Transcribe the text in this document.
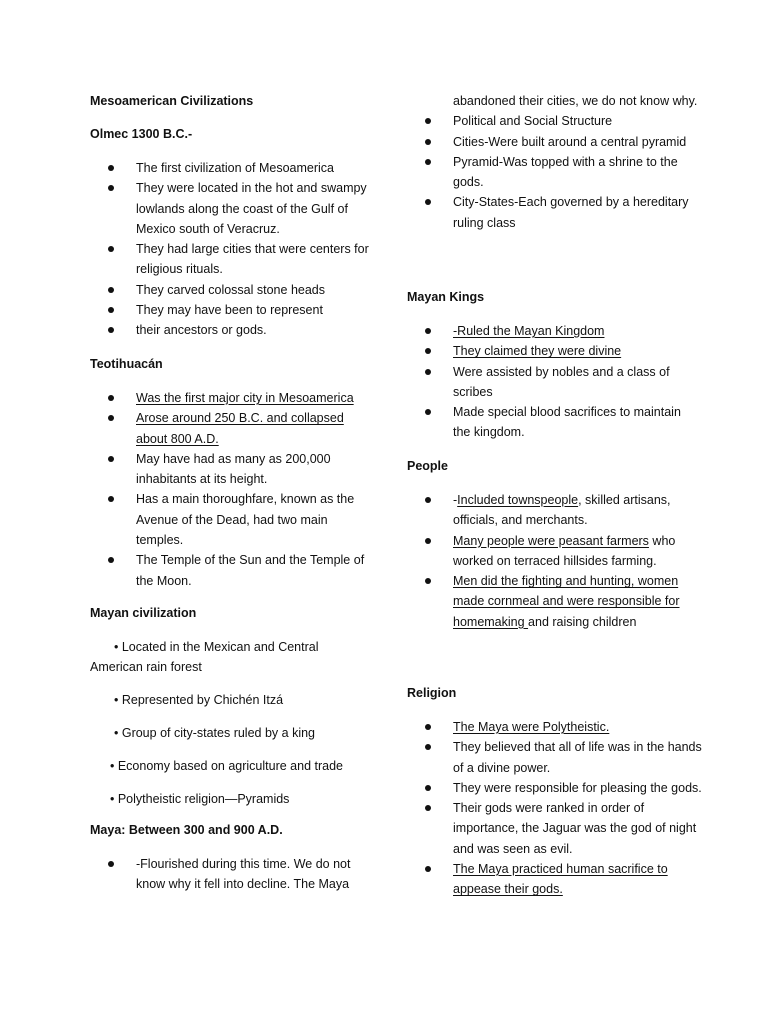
Mesoamerican Civilizations
Olmec 1300 B.C.-
The first civilization of Mesoamerica
They were located in the hot and swampy lowlands along the coast of the Gulf of Mexico south of Veracruz.
They had large cities that were centers for religious rituals.
They carved colossal stone heads
They may have been to represent
their ancestors or gods.
Teotihuacán
Was the first major city in Mesoamerica
Arose around 250 B.C. and collapsed about 800 A.D.
May have had as many as 200,000 inhabitants at its height.
Has a main thoroughfare, known as the Avenue of the Dead, had two main temples.
The Temple of the Sun and the Temple of the Moon.
Mayan civilization

• Located in the Mexican and Central American rain forest

• Represented by Chichén Itzá

• Group of city-states ruled by a king

• Economy based on agriculture and trade

• Polytheistic religion—Pyramids

Maya: Between 300 and 900 A.D.
-Flourished during this time. We do not know why it fell into decline. The Maya
abandoned their cities, we do not know why.
Political and Social Structure
Cities-Were built around a central pyramid
Pyramid-Was topped with a shrine to the gods.
City-States-Each governed by a hereditary ruling class
Mayan Kings
-Ruled the Mayan Kingdom
They claimed they were divine
Were assisted by nobles and a class of scribes
Made special blood sacrifices to maintain the kingdom.
People
-Included townspeople, skilled artisans, officials, and merchants.
Many people were peasant farmers who worked on terraced hillsides farming.
Men did the fighting and hunting, women made cornmeal and were responsible for homemaking and raising children
Religion
The Maya were Polytheistic.
They believed that all of life was in the hands of a divine power.
They were responsible for pleasing the gods.
Their gods were ranked in order of importance, the Jaguar was the god of night and was seen as evil.
The Maya practiced human sacrifice to appease their gods.
